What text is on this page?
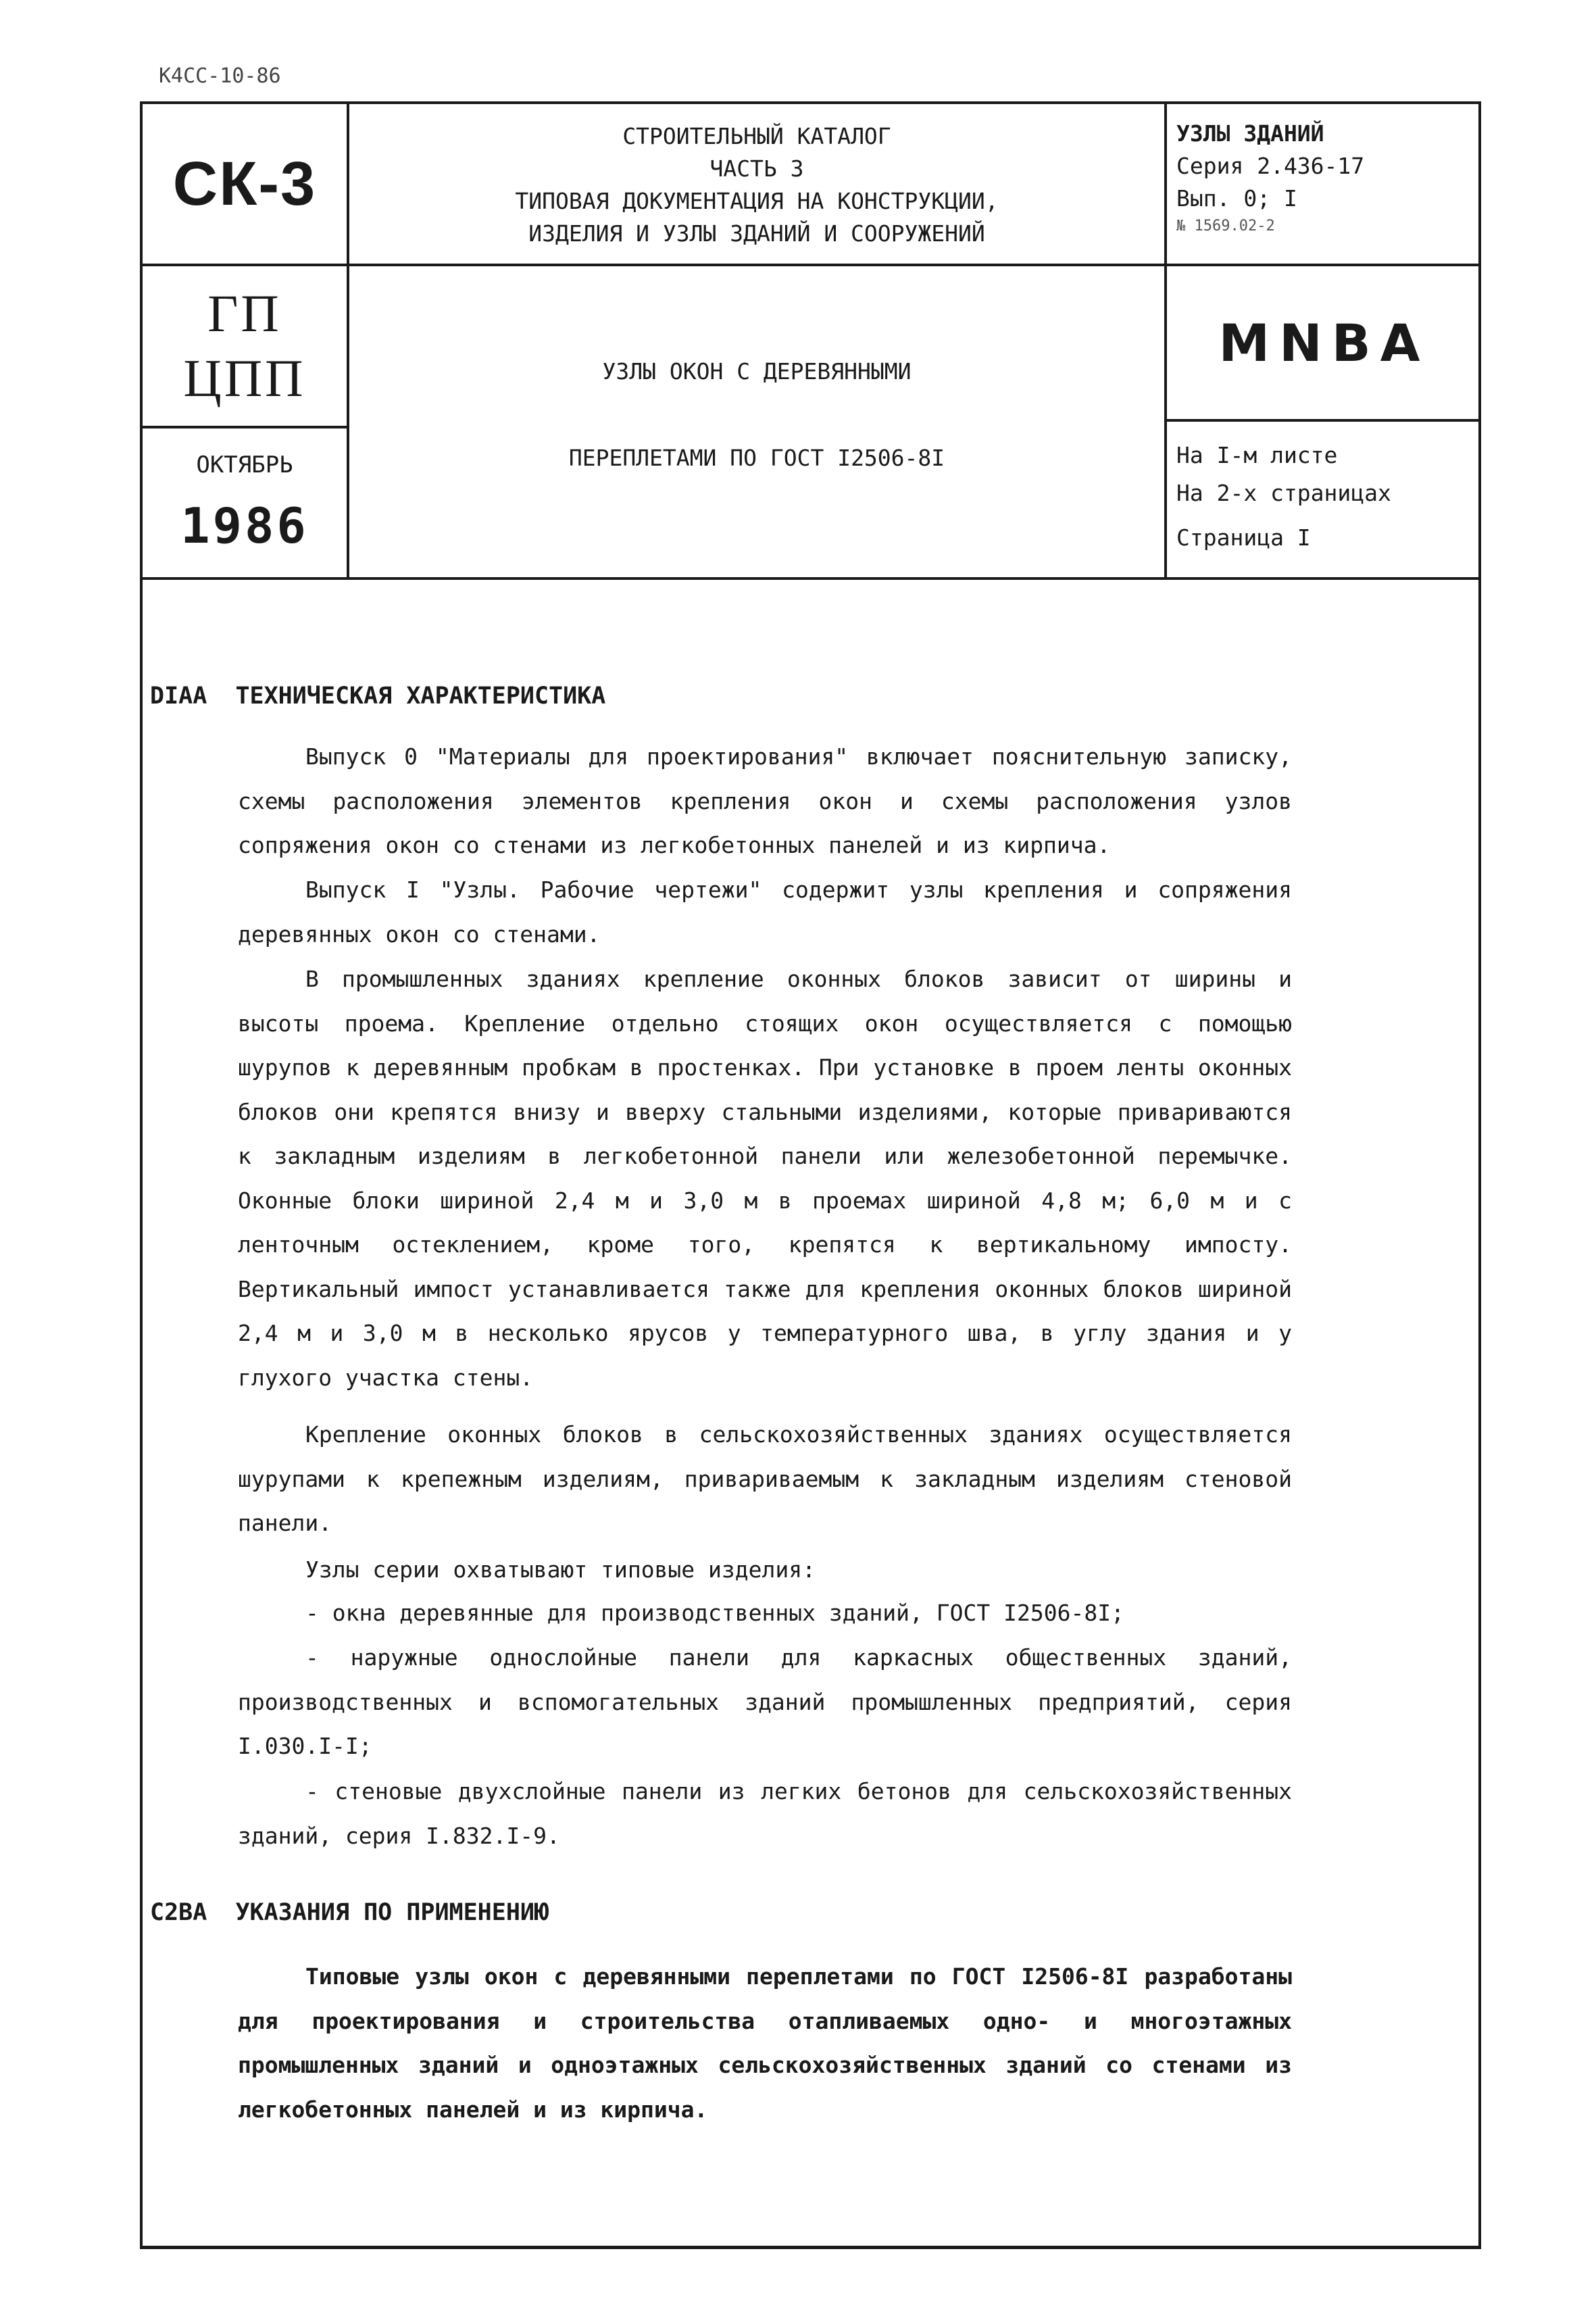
К4СС-10-86
СК-3
СТРОИТЕЛЬНЫЙ КАТАЛОГ
ЧАСТЬ 3
ТИПОВАЯ ДОКУМЕНТАЦИЯ НА КОНСТРУКЦИИ,
ИЗДЕЛИЯ И УЗЛЫ ЗДАНИЙ И СООРУЖЕНИЙ
УЗЛЫ ЗДАНИЙ
Серия 2.436-17
Вып. 0; I
№ 1569.02-2
ГП
ЦПП	УЗЛЫ ОКОН С ДЕРЕВЯННЫМИ
ПЕРЕПЛЕТАМИ ПО ГОСТ I2506-8I
MNBA
ОКТЯБРЬ
1986
На I-м листе
На 2-х страницах
Страница I
DIAA ТЕХНИЧЕСКАЯ ХАРАКТЕРИСТИКА
Выпуск 0 "Материалы для проектирования" включает пояснительную записку, схемы расположения элементов крепления окон и схемы расположения узлов сопряжения окон со стенами из легкобетонных панелей и из кирпича.
Выпуск I "Узлы. Рабочие чертежи" содержит узлы крепления и сопряжения деревянных окон со стенами.
В промышленных зданиях крепление оконных блоков зависит от ширины и высоты проема. Крепление отдельно стоящих окон осуществляется с помощью шурупов к деревянным пробкам в простенках. При установке в проем ленты оконных блоков они крепятся внизу и вверху стальными изделиями, которые привариваются к закладным изделиям в легкобетонной панели или железобетонной перемычке. Оконные блоки шириной 2,4 м и 3,0 м в проемах шириной 4,8 м; 6,0 м и с ленточным остеклением, кроме того, крепятся к вертикальному импосту. Вертикальный импост устанавливается также для крепления оконных блоков шириной 2,4 м и 3,0 м в несколько ярусов у температурного шва, в углу здания и у глухого участка стены.
Крепление оконных блоков в сельскохозяйственных зданиях осуществляется шурупами к крепежным изделиям, привариваемым к закладным изделиям стеновой панели.
Узлы серии охватывают типовые изделия:
- окна деревянные для производственных зданий, ГОСТ I2506-8I;
- наружные однослойные панели для каркасных общественных зданий, производственных и вспомогательных зданий промышленных предприятий, серия I.030.I-I;
- стеновые двухслойные панели из легких бетонов для сельскохозяйственных зданий, серия I.832.I-9.
C2BA УКАЗАНИЯ ПО ПРИМЕНЕНИЮ
Типовые узлы окон с деревянными переплетами по ГОСТ I2506-8I разработаны для проектирования и строительства отапливаемых одно- и многоэтажных промышленных зданий и одноэтажных сельскохозяйственных зданий со стенами из легкобетонных панелей и из кирпича.
